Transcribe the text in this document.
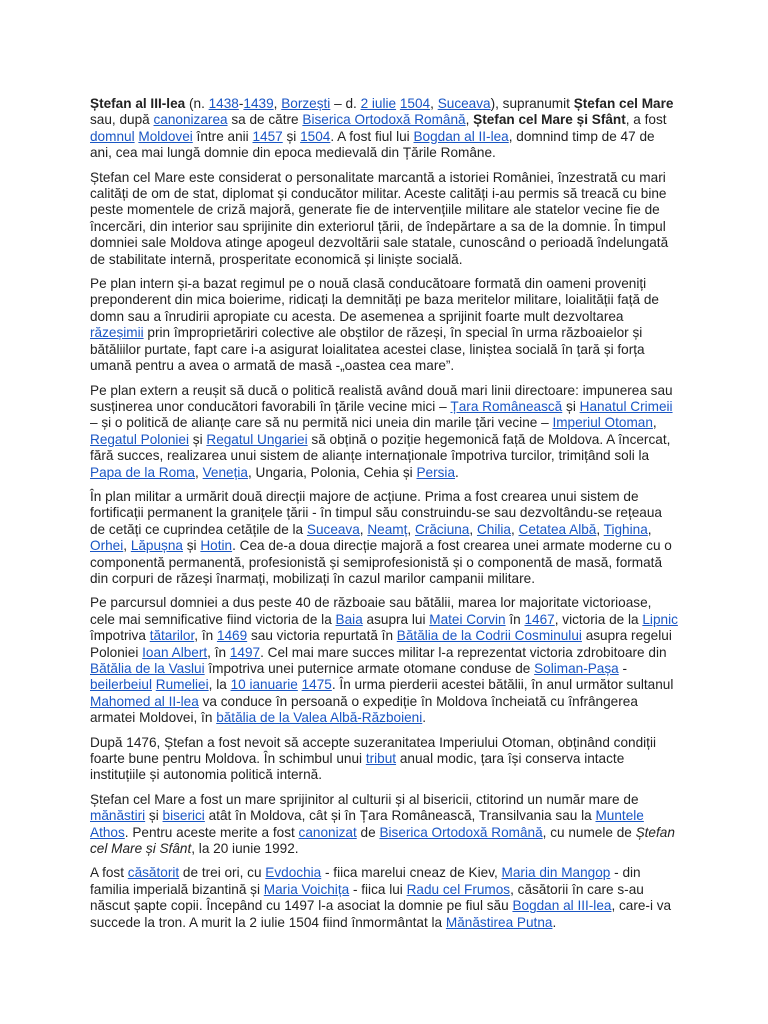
Ștefan al III-lea (n. 1438-1439, Borzești – d. 2 iulie 1504, Suceava), supranumit Ștefan cel Mare sau, după canonizarea sa de către Biserica Ortodoxă Română, Ștefan cel Mare și Sfânt, a fost domnul Moldovei între anii 1457 și 1504. A fost fiul lui Bogdan al II-lea, domnind timp de 47 de ani, cea mai lungă domnie din epoca medievală din Țările Române.

Ștefan cel Mare este considerat o personalitate marcantă a istoriei României, înzestrată cu mari calități de om de stat, diplomat și conducător militar. Aceste calități i-au permis să treacă cu bine peste momentele de criză majoră, generate fie de intervențiile militare ale statelor vecine fie de încercări, din interior sau sprijinite din exteriorul țării, de îndepărtare a sa de la domnie. În timpul domniei sale Moldova atinge apogeul dezvoltării sale statale, cunoscând o perioadă îndelungată de stabilitate internă, prosperitate economică și liniște socială.

Pe plan intern și-a bazat regimul pe o nouă clasă conducătoare formată din oameni proveniți preponderent din mica boierime, ridicați la demnități pe baza meritelor militare, loialității față de domn sau a înrudirii apropiate cu acesta. De asemenea a sprijinit foarte mult dezvoltarea răzeșimii prin împroprietăriri colective ale obștilor de răzeși, în special în urma războaielor și bătăliilor purtate, fapt care i-a asigurat loialitatea acestei clase, liniștea socială în țară și forța umană pentru a avea o armată de masă -„oastea cea mare”.

Pe plan extern a reușit să ducă o politică realistă având două mari linii directoare: impunerea sau susținerea unor conducători favorabili în țările vecine mici – Țara Românească și Hanatul Crimeii – și o politică de alianțe care să nu permită nici uneia din marile țări vecine – Imperiul Otoman, Regatul Poloniei și Regatul Ungariei să obțină o poziție hegemonică față de Moldova. A încercat, fără succes, realizarea unui sistem de alianțe internaționale împotriva turcilor, trimițând soli la Papa de la Roma, Veneția, Ungaria, Polonia, Cehia și Persia.

În plan militar a urmărit două direcții majore de acțiune. Prima a fost crearea unui sistem de fortificații permanent la granițele țării - în timpul său construindu-se sau dezvoltându-se rețeaua de cetăți ce cuprindea cetățile de la Suceava, Neamț, Crăciuna, Chilia, Cetatea Albă, Tighina, Orhei, Lăpușna și Hotin. Cea de-a doua direcție majoră a fost crearea unei armate moderne cu o componentă permanentă, profesionistă și semiprofesionistă și o componentă de masă, formată din corpuri de răzeși înarmați, mobilizați în cazul marilor campanii militare.

Pe parcursul domniei a dus peste 40 de războaie sau bătălii, marea lor majoritate victorioase, cele mai semnificative fiind victoria de la Baia asupra lui Matei Corvin în 1467, victoria de la Lipnic împotriva tătarilor, în 1469 sau victoria repurtată în Bătălia de la Codrii Cosminului asupra regelui Poloniei Ioan Albert, în 1497. Cel mai mare succes militar l-a reprezentat victoria zdrobitoare din Bătălia de la Vaslui împotriva unei puternice armate otomane conduse de Soliman-Pașa - beilerbeiul Rumeliei, la 10 ianuarie 1475. În urma pierderii acestei bătălii, în anul următor sultanul Mahomed al II-lea va conduce în persoană o expediție în Moldova încheiată cu înfrângerea armatei Moldovei, în bătălia de la Valea Albă-Războieni.

După 1476, Ștefan a fost nevoit să accepte suzeranitatea Imperiului Otoman, obținând condiții foarte bune pentru Moldova. În schimbul unui tribut anual modic, țara își conserva intacte instituțiile și autonomia politică internă.

Ștefan cel Mare a fost un mare sprijinitor al culturii și al bisericii, ctitorind un număr mare de mănăstiri și biserici atât în Moldova, cât și în Țara Românească, Transilvania sau la Muntele Athos. Pentru aceste merite a fost canonizat de Biserica Ortodoxă Română, cu numele de Ștefan cel Mare și Sfânt, la 20 iunie 1992.

A fost căsătorit de trei ori, cu Evdochia - fiica marelui cneaz de Kiev, Maria din Mangop - din familia imperială bizantină și Maria Voichița - fiica lui Radu cel Frumos, căsătorii în care s-au născut șapte copii. Începând cu 1497 l-a asociat la domnie pe fiul său Bogdan al III-lea, care-i va succede la tron. A murit la 2 iulie 1504 fiind înmormântat la Mănăstirea Putna.
